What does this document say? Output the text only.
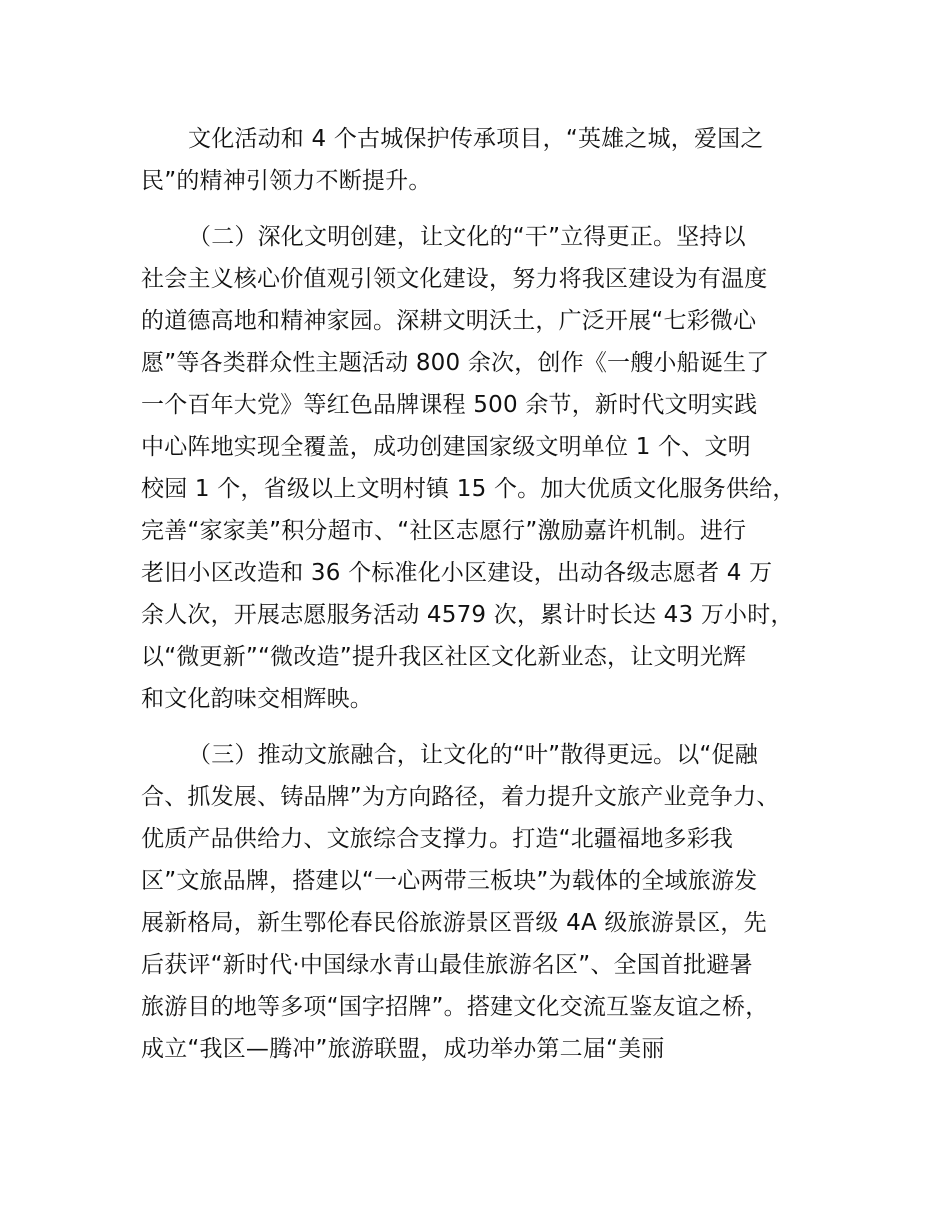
文化活动和 4 个古城保护传承项目，“英雄之城，爱国之
民”的精神引领力不断提升。
（二）深化文明创建，让文化的“干”立得更正。坚持以
社会主义核心价值观引领文化建设，努力将我区建设为有温度
的道德高地和精神家园。深耕文明沃土，广泛开展“七彩微心
愿”等各类群众性主题活动 800 余次，创作《一艘小船诞生了
一个百年大党》等红色品牌课程 500 余节，新时代文明实践
中心阵地实现全覆盖，成功创建国家级文明单位 1 个、文明
校园 1 个，省级以上文明村镇 15 个。加大优质文化服务供给，
完善“家家美”积分超市、“社区志愿行”激励嘉许机制。进行
老旧小区改造和 36 个标准化小区建设，出动各级志愿者 4 万
余人次，开展志愿服务活动 4579 次，累计时长达 43 万小时，
以“微更新”“微改造”提升我区社区文化新业态，让文明光辉
和文化韵味交相辉映。
（三）推动文旅融合，让文化的“叶”散得更远。以“促融
合、抓发展、铸品牌”为方向路径，着力提升文旅产业竞争力、
优质产品供给力、文旅综合支撑力。打造“北疆福地多彩我
区”文旅品牌，搭建以“一心两带三板块”为载体的全域旅游发
展新格局，新生鄂伦春民俗旅游景区晋级 4A 级旅游景区，先
后获评“新时代·中国绿水青山最佳旅游名区”、全国首批避暑
旅游目的地等多项“国字招牌”。搭建文化交流互鉴友谊之桥，
成立“我区—腾冲”旅游联盟，成功举办第二届“美丽
